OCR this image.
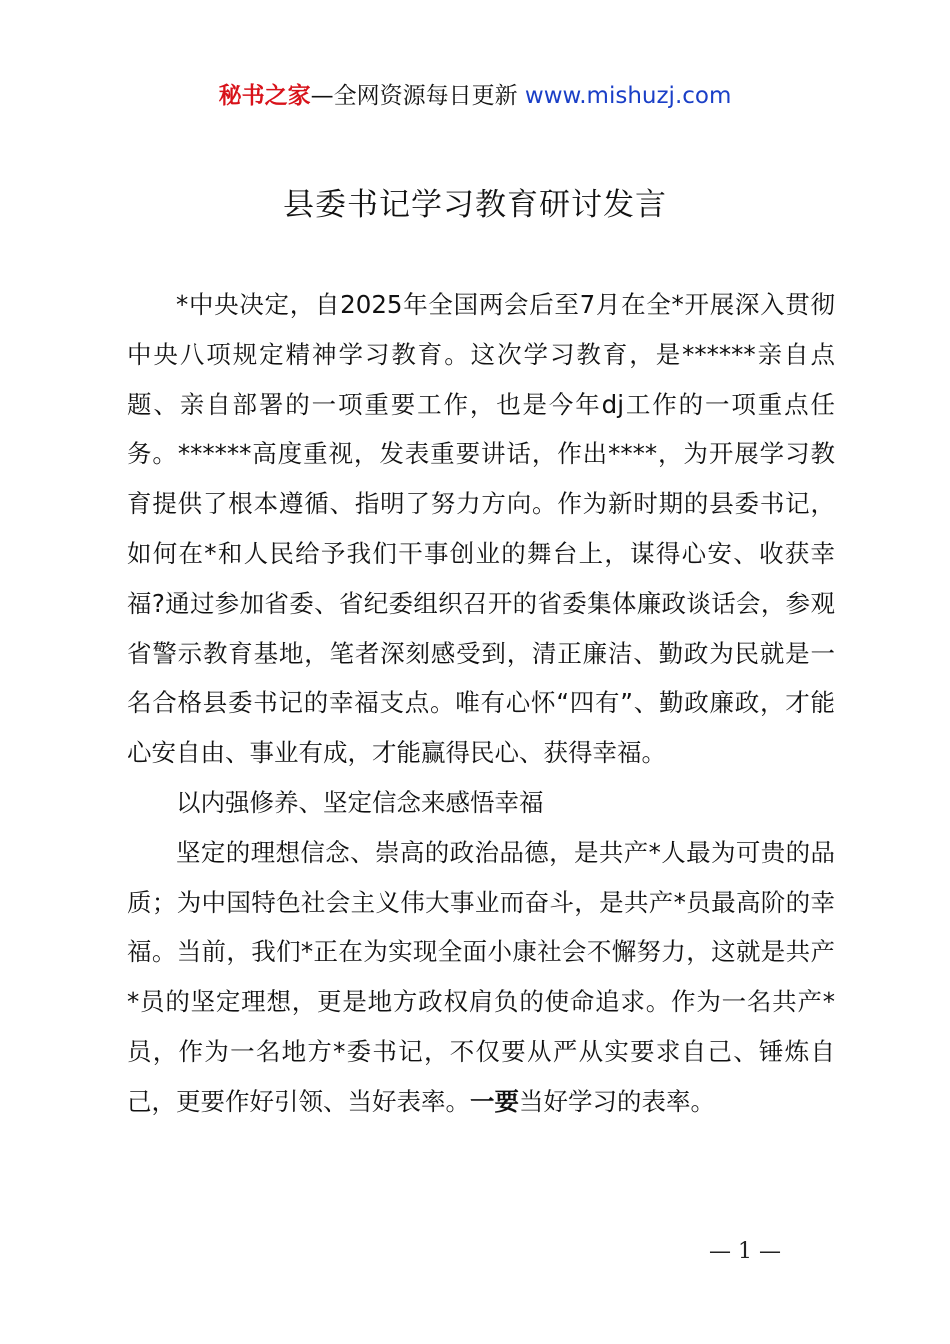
秘书之家—全网资源每日更新 www.mishuzj.com
县委书记学习教育研讨发言

*中央决定，自2025年全国两会后至7月在全*开展深入贯彻中央八项规定精神学习教育。这次学习教育，是******亲自点题、亲自部署的一项重要工作，也是今年dj工作的一项重点任务。******高度重视，发表重要讲话，作出****，为开展学习教育提供了根本遵循、指明了努力方向。作为新时期的县委书记，如何在*和人民给予我们干事创业的舞台上，谋得心安、收获幸福?通过参加省委、省纪委组织召开的省委集体廉政谈话会，参观省警示教育基地，笔者深刻感受到，清正廉洁、勤政为民就是一名合格县委书记的幸福支点。唯有心怀“四有”、勤政廉政，才能心安自由、事业有成，才能赢得民心、获得幸福。

以内强修养、坚定信念来感悟幸福

坚定的理想信念、崇高的政治品德，是共产*人最为可贵的品质；为中国特色社会主义伟大事业而奋斗，是共产*员最高阶的幸福。当前，我们*正在为实现全面小康社会不懈努力，这就是共产*员的坚定理想，更是地方政权肩负的使命追求。作为一名共产*员，作为一名地方*委书记，不仅要从严从实要求自己、锤炼自己，更要作好引领、当好表率。一要当好学习的表率。

— 1 —
